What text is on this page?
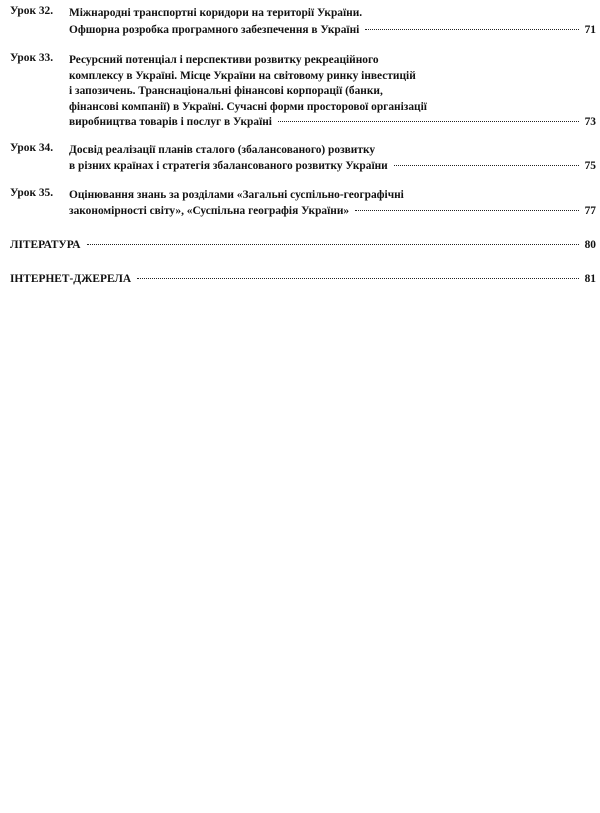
Урок 32. Міжнародні транспортні коридори на території України.
Офшорна розробка програмного забезпечення в Україні	71
Урок 33. Ресурсний потенціал і перспективи розвитку рекреаційного
комплексу в Україні. Місце України на світовому ринку інвестицій
і запозичень. Транснаціональні фінансові корпорації (банки,
фінансові компанії) в Україні. Сучасні форми просторової організації
виробництва товарів і послуг в Україні	73
Урок 34. Досвід реалізації планів сталого (збалансованого) розвитку
в різних країнах і стратегія збалансованого розвитку України	75
Урок 35. Оцінювання знань за розділами «Загальні суспільно-географічні
закономірності світу», «Суспільна географія України»	77
ЛІТЕРАТУРА	80
ІНТЕРНЕТ-ДЖЕРЕЛА	81
